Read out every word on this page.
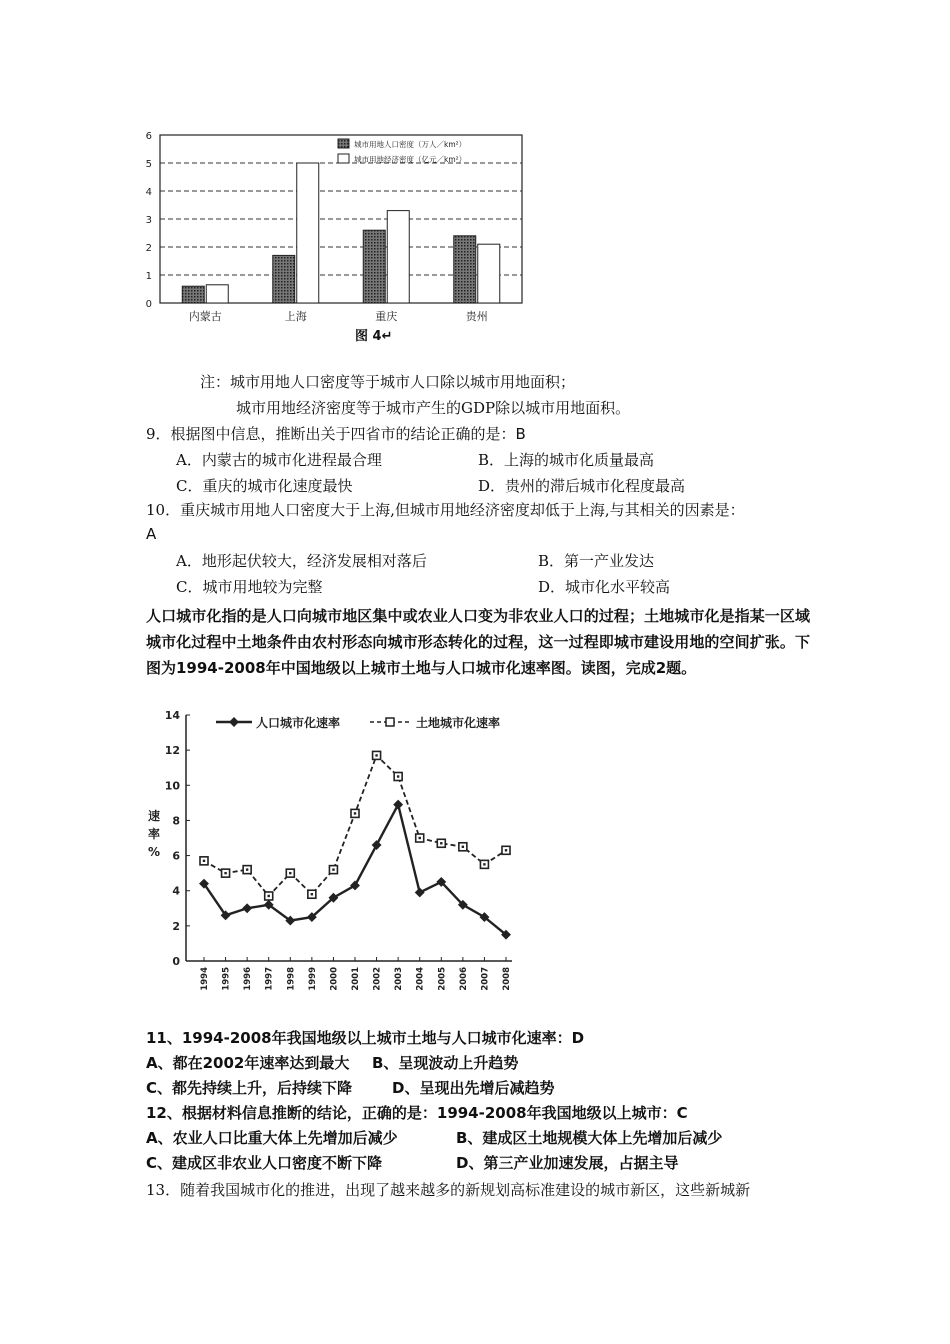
0
1
2
3
4
5
6
内蒙古	上海	重庆	贵州
城市用地人口密度（万人／km²）
城市用地经济密度（亿元／km²）
图 4↵
注：城市用地人口密度等于城市人口除以城市用地面积；
城市用地经济密度等于城市产生的GDP除以城市用地面积。
9．根据图中信息，推断出关于四省市的结论正确的是：B
A．内蒙古的城市化进程最合理	B．上海的城市化质量最高
C．重庆的城市化速度最快	D．贵州的滞后城市化程度最高
10．重庆城市用地人口密度大于上海,但城市用地经济密度却低于上海,与其相关的因素是：
A
A．地形起伏较大，经济发展相对落后	B．第一产业发达
C．城市用地较为完整	D．城市化水平较高
人口城市化指的是人口向城市地区集中或农业人口变为非农业人口的过程；土地城市化是指某一区域城市化过程中土地条件由农村形态向城市形态转化的过程，这一过程即城市建设用地的空间扩张。下图为1994-2008年中国地级以上城市土地与人口城市化速率图。读图，完成2题。
0
2
4
6
8
10
12
14
1994 1995 1996 1997 1998 1999 2000 2001 2002 2003 2004 2005 2006 2007 2008
人口城市化速率	土地城市化速率
速
率
%
11、1994-2008年我国地级以上城市土地与人口城市化速率：D
A、都在2002年速率达到最大 B、呈现波动上升趋势
C、都先持续上升，后持续下降	D、呈现出先增后减趋势
12、根据材料信息推断的结论，正确的是：1994-2008年我国地级以上城市：C
A、农业人口比重大体上先增加后减少	B、建成区土地规模大体上先增加后减少
C、建成区非农业人口密度不断下降	D、第三产业加速发展，占据主导
13．随着我国城市化的推进，出现了越来越多的新规划高标准建设的城市新区，这些新城新
